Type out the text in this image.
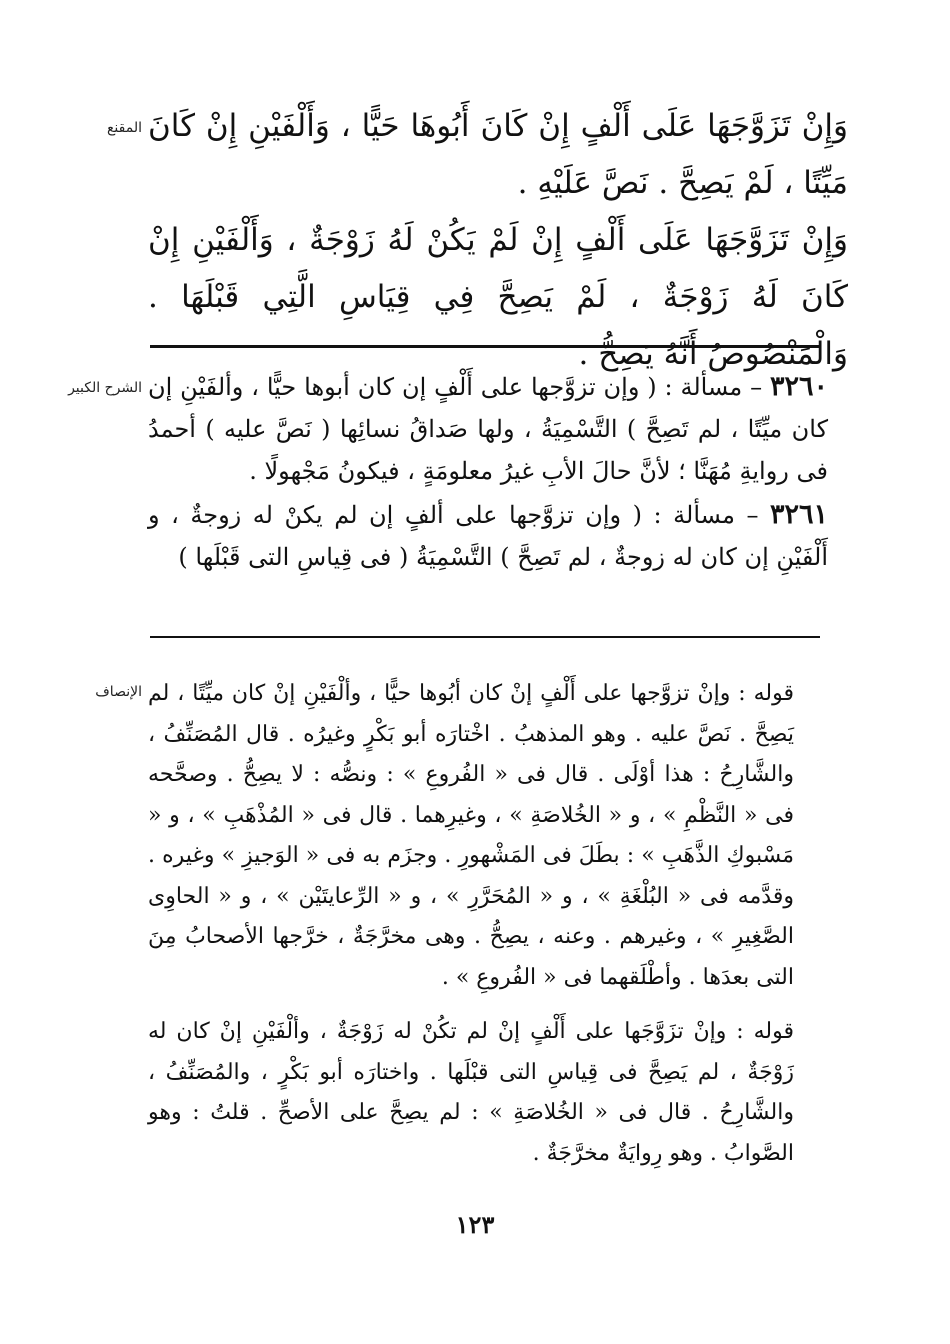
المقنع
الشرح الكبير
الإنصاف

وَإِنْ تَزَوَّجَهَا عَلَى أَلْفٍ إِنْ كَانَ أَبُوهَا حَيًّا ، وَأَلْفَيْنِ إِنْ كَانَ مَيِّتًا ، لَمْ يَصِحَّ . نَصَّ عَلَيْهِ .

وَإِنْ تَزَوَّجَهَا عَلَى أَلْفٍ إِنْ لَمْ يَكُنْ لَهُ زَوْجَةٌ ، وَأَلْفَيْنِ إِنْ كَانَ لَهُ زَوْجَةٌ ، لَمْ يَصِحَّ فِي قِيَاسِ الَّتِي قَبْلَهَا . وَالْمَنْصُوصُ أَنَّهُ يَصِحُّ .

٣٢٦٠ – مسألة : ( وإن تزوَّجها على أَلْفٍ إن كان أبوها حيًّا ، وألفَيْنِ إن كان ميِّتًا ، لم تَصِحَّ ) التَّسْمِيَةُ ، ولها صَداقُ نسائِها ( نَصَّ عليه ) أحمدُ فى روايةِ مُهَنَّا ؛ لأنَّ حالَ الأبِ غيرُ معلومَةٍ ، فيكونُ مَجْهولًا .

٣٢٦١ – مسألة : ( وإن تزوَّجها على ألفٍ إن لم يكنْ له زوجةٌ ، و أَلْفَيْنِ إن كان له زوجةٌ ، لم تَصِحَّ ) التَّسْمِيَةُ ( فى قِياسِ التى قَبْلَها )

قوله : وإنْ تزوَّجها على أَلْفٍ إنْ كان أبُوها حيًّا ، وألْفَيْنِ إنْ كان ميِّتًا ، لم يَصِحَّ . نَصَّ عليه . وهو المذهبُ . اخْتارَه أبو بَكْرٍ وغيرُه . قال المُصَنِّفُ ، والشَّارِحُ : هذا أوْلَى . قال فى « الفُروعِ » : ونصُّه : لا يصِحُّ . وصحَّحه فى « النَّظْمِ » ، و « الخُلاصَةِ » ، وغيرِهما . قال فى « المُذْهَبِ » ، و « مَسْبوكِ الذَّهَبِ » : بطَلَ فى المَشْهورِ . وجزَم به فى « الوَجيزِ » وغيره . وقدَّمه فى « البُلْغَةِ » ، و « المُحَرَّرِ » ، و « الرِّعايتَيْن » ، و « الحاوِى الصَّغِيرِ » ، وغيرهم . وعنه ، يصِحُّ . وهى مخرَّجَةٌ ، خرَّجها الأصحابُ مِنَ التى بعدَها . وأطْلَقهما فى « الفُروعِ » .

قوله : وإنْ تزَوَّجَها على أَلْفٍ إنْ لم تكُنْ له زَوْجَةٌ ، وألْفَيْنِ إنْ كان له زَوْجَةٌ ، لم يَصِحَّ فى قِياسِ التى قبْلَها . واختارَه أبو بَكْرٍ ، والمُصَنِّفُ ، والشَّارِحُ . قال فى « الخُلاصَةِ » : لم يصِحَّ على الأصحِّ . قلتُ : وهو الصَّوابُ . وهو رِوايَةٌ مخرَّجَةٌ .

١٢٣
